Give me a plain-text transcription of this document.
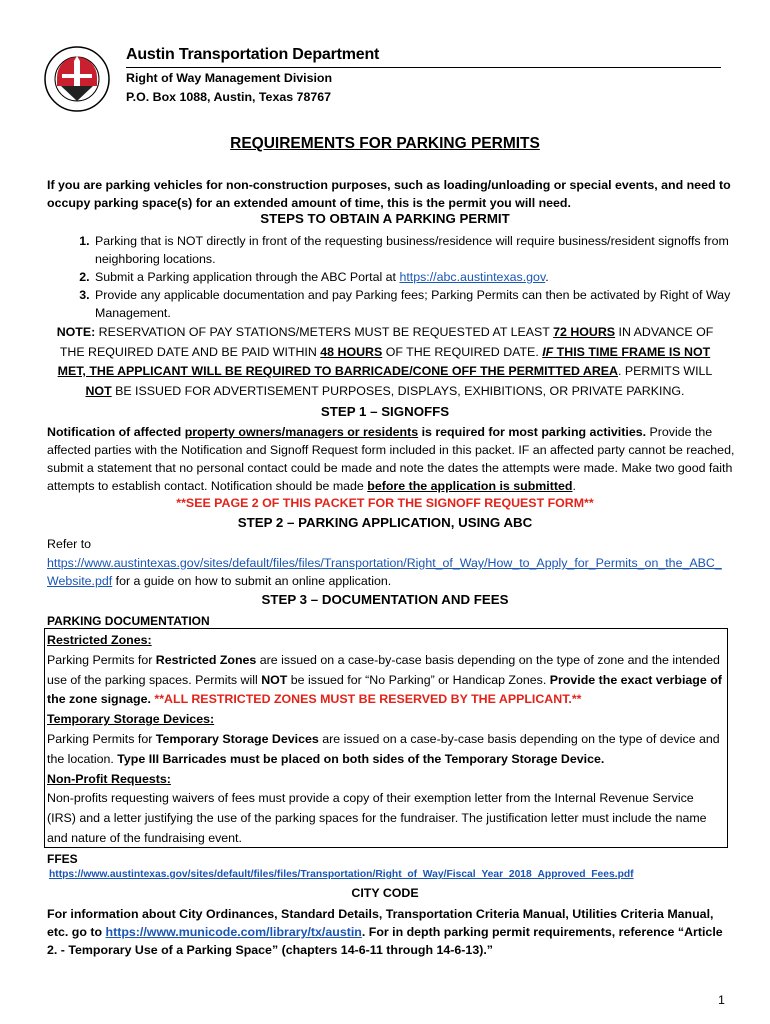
Austin Transportation Department
Right of Way Management Division
P.O. Box 1088, Austin, Texas 78767
REQUIREMENTS FOR PARKING PERMITS
If you are parking vehicles for non-construction purposes, such as loading/unloading or special events, and need to occupy parking space(s) for an extended amount of time, this is the permit you will need.
STEPS TO OBTAIN A PARKING PERMIT
1. Parking that is NOT directly in front of the requesting business/residence will require business/resident signoffs from neighboring locations.
2. Submit a Parking application through the ABC Portal at https://abc.austintexas.gov.
3. Provide any applicable documentation and pay Parking fees; Parking Permits can then be activated by Right of Way Management.
NOTE: RESERVATION OF PAY STATIONS/METERS MUST BE REQUESTED AT LEAST 72 HOURS IN ADVANCE OF THE REQUIRED DATE AND BE PAID WITHIN 48 HOURS OF THE REQUIRED DATE. IF THIS TIME FRAME IS NOT MET, THE APPLICANT WILL BE REQUIRED TO BARRICADE/CONE OFF THE PERMITTED AREA. PERMITS WILL NOT BE ISSUED FOR ADVERTISEMENT PURPOSES, DISPLAYS, EXHIBITIONS, OR PRIVATE PARKING.
STEP 1 – SIGNOFFS
Notification of affected property owners/managers or residents is required for most parking activities. Provide the affected parties with the Notification and Signoff Request form included in this packet. IF an affected party cannot be reached, submit a statement that no personal contact could be made and note the dates the attempts were made. Make two good faith attempts to establish contact. Notification should be made before the application is submitted.
**SEE PAGE 2 OF THIS PACKET FOR THE SIGNOFF REQUEST FORM**
STEP 2 – PARKING APPLICATION, USING ABC
Refer to
https://www.austintexas.gov/sites/default/files/files/Transportation/Right_of_Way/How_to_Apply_for_Permits_on_the_ABC_Website.pdf for a guide on how to submit an online application.
STEP 3 – DOCUMENTATION AND FEES
PARKING DOCUMENTATION
Restricted Zones:
Parking Permits for Restricted Zones are issued on a case-by-case basis depending on the type of zone and the intended use of the parking spaces. Permits will NOT be issued for “No Parking” or Handicap Zones. Provide the exact verbiage of the zone signage. **ALL RESTRICTED ZONES MUST BE RESERVED BY THE APPLICANT.**
Temporary Storage Devices:
Parking Permits for Temporary Storage Devices are issued on a case-by-case basis depending on the type of device and the location. Type III Barricades must be placed on both sides of the Temporary Storage Device.
Non-Profit Requests:
Non-profits requesting waivers of fees must provide a copy of their exemption letter from the Internal Revenue Service (IRS) and a letter justifying the use of the parking spaces for the fundraiser. The justification letter must include the name and nature of the fundraising event.
FFES
https://www.austintexas.gov/sites/default/files/files/Transportation/Right_of_Way/Fiscal_Year_2018_Approved_Fees.pdf
CITY CODE
For information about City Ordinances, Standard Details, Transportation Criteria Manual, Utilities Criteria Manual, etc. go to https://www.municode.com/library/tx/austin. For in depth parking permit requirements, reference “Article 2. - Temporary Use of a Parking Space” (chapters 14-6-11 through 14-6-13).”
1
